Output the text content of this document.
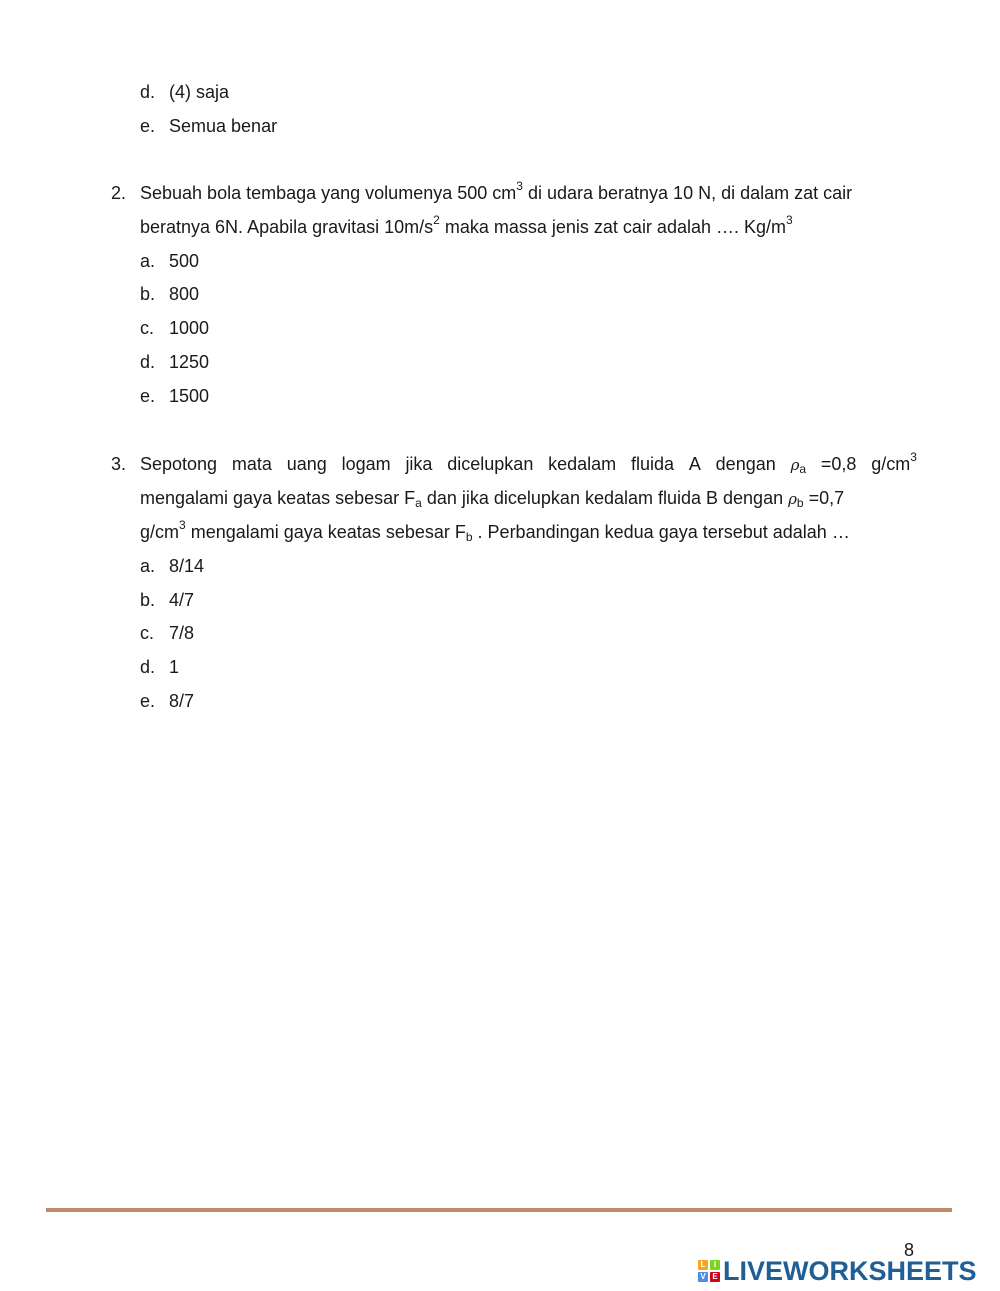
d. (4) saja
e. Semua benar
2. Sebuah bola tembaga yang volumenya 500 $cm^3$ di udara beratnya 10 N, di dalam zat cair
beratnya 6N. Apabila gravitasi $10m/s^2$ maka massa jenis zat cair adalah …. $Kg/m^3$
a. 500
b. 800
c. 1000
d. 1250
e. 1500
3. Sepotong mata uang logam jika dicelupkan kedalam fluida A dengan ρa =0,8 $g/cm^3$
mengalami gaya keatas sebesar Fa dan jika dicelupkan kedalam fluida B dengan ρb =0,7
$g/cm^3$ mengalami gaya keatas sebesar Fb . Perbandingan kedua gaya tersebut adalah …
a. 8/14
b. 4/7
c. 7/8
d. 1
e. 8/7
8
L	I
V E LIVEWORKSHEETS
